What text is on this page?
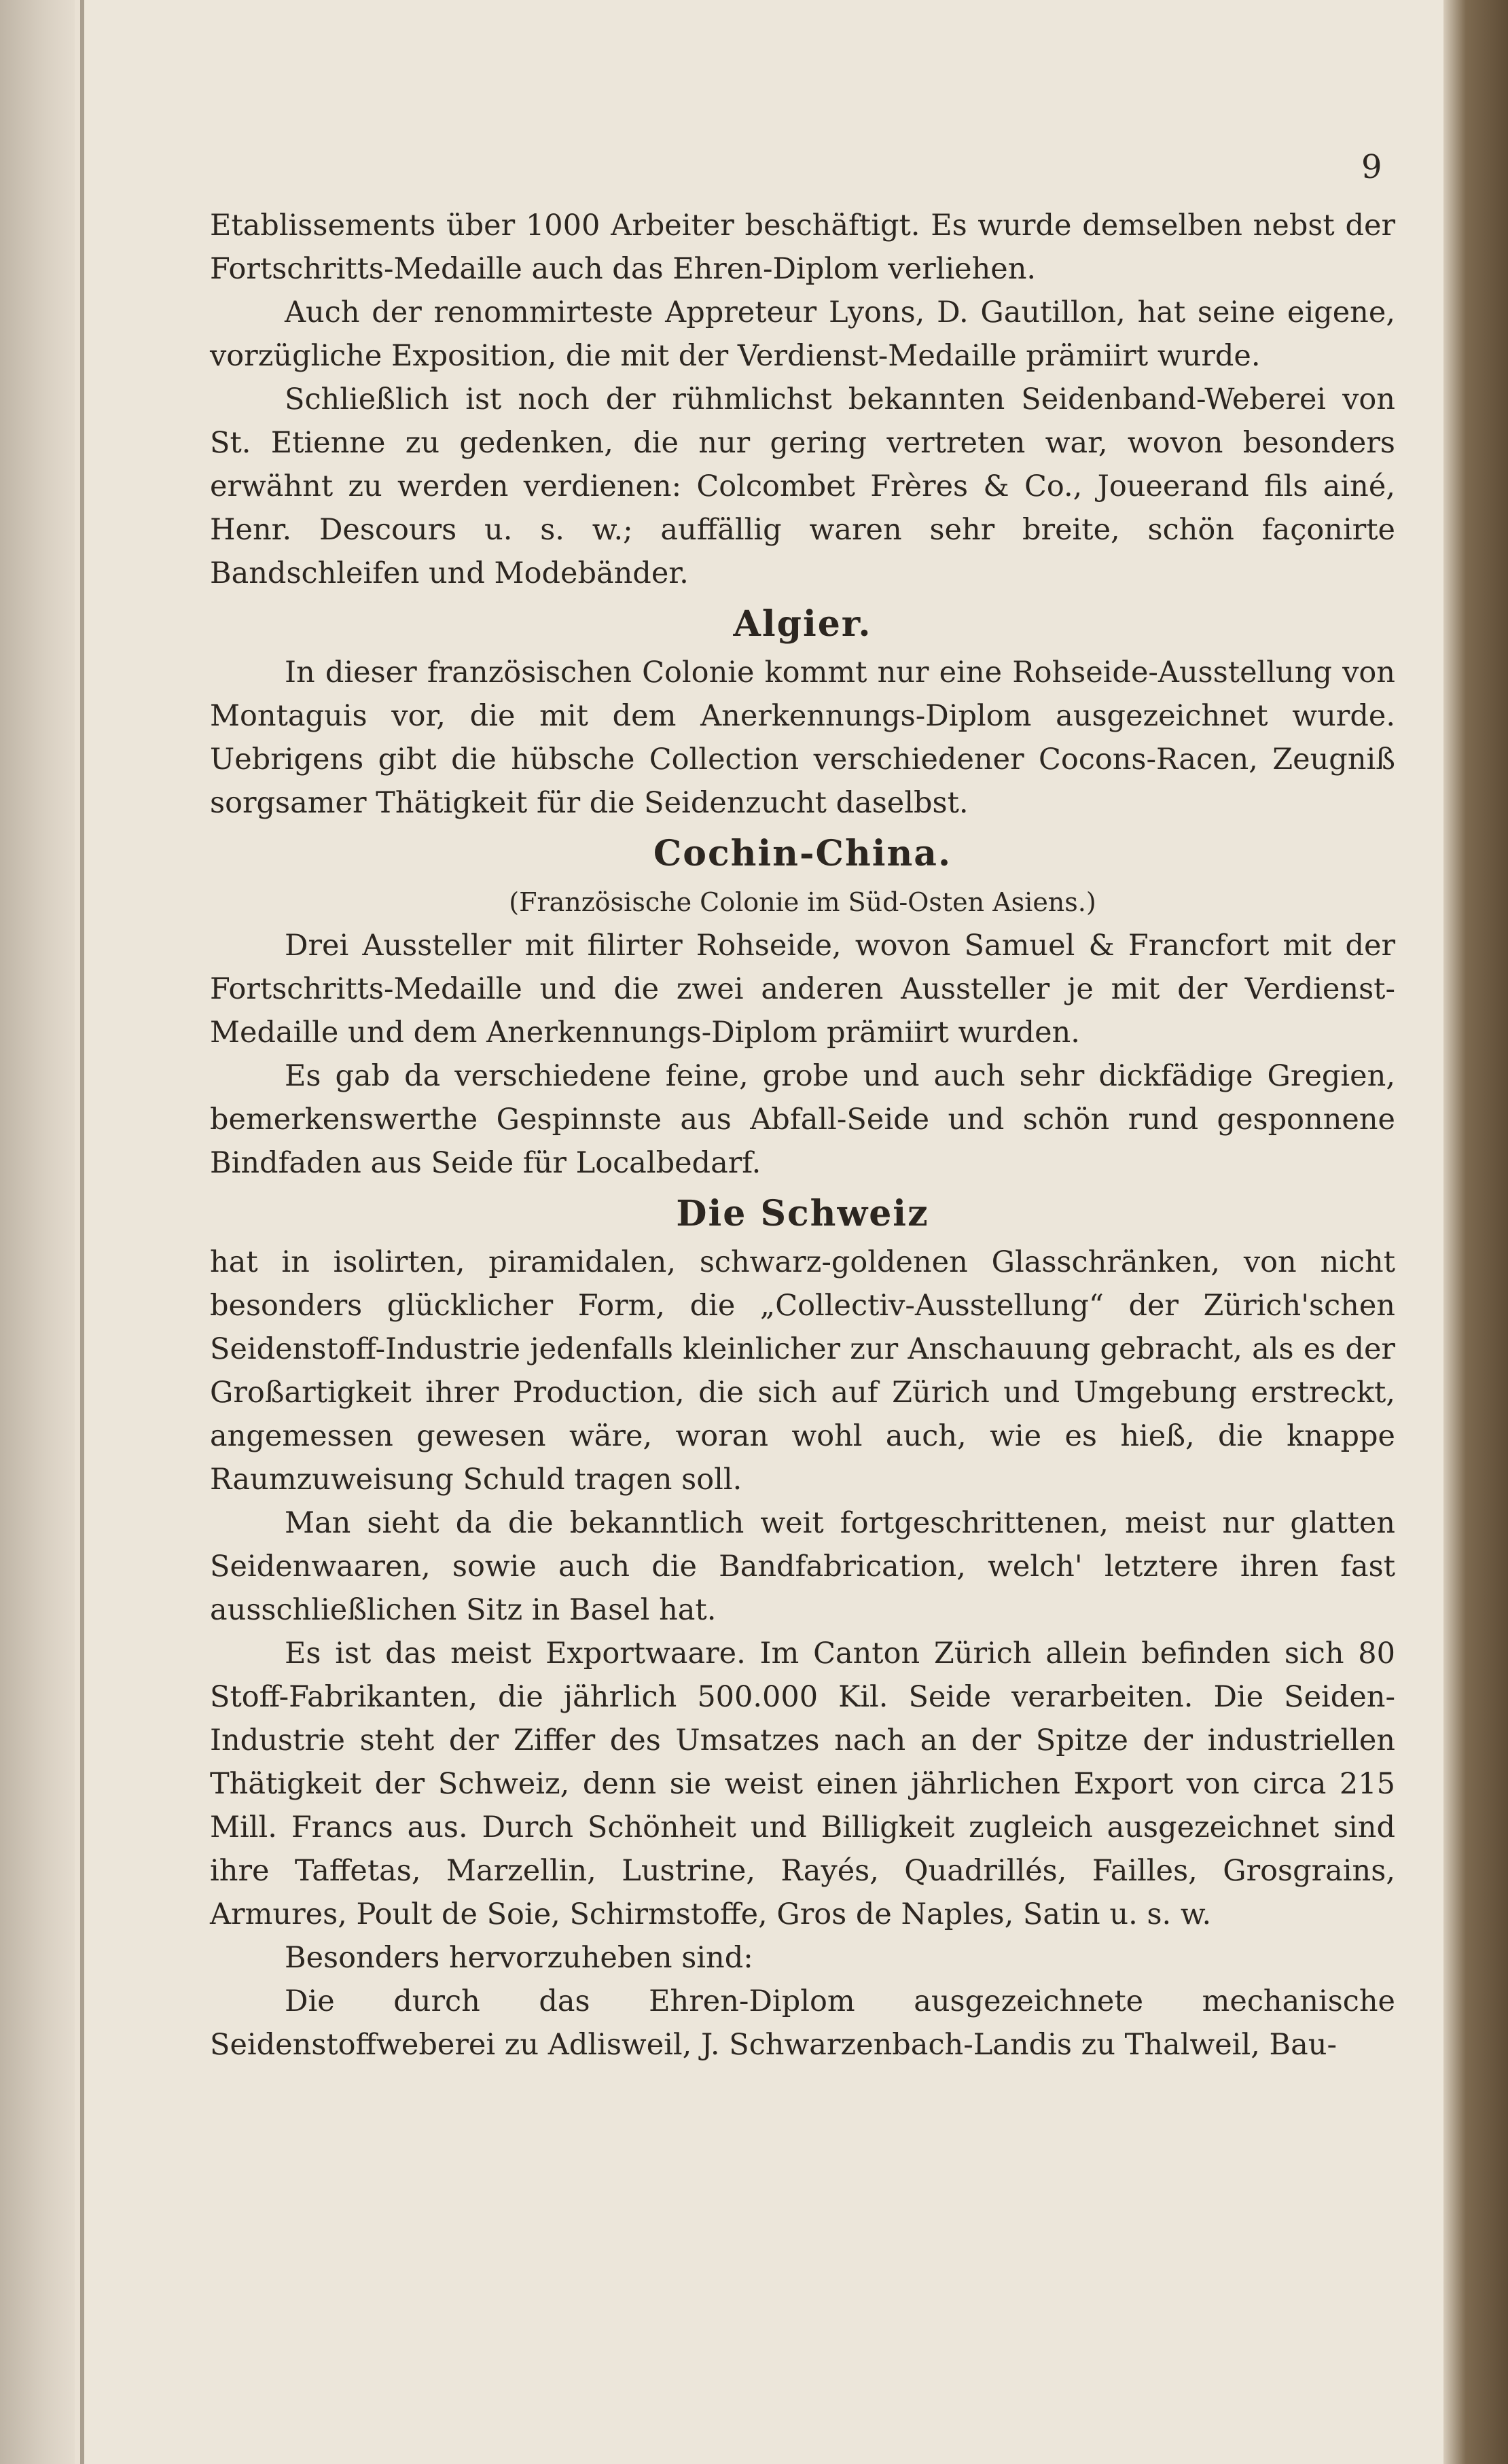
9

Etablissements über 1000 Arbeiter beschäftigt. Es wurde demselben nebst der Fortschritts-Medaille auch das Ehren-Diplom verliehen.

Auch der renommirteste Appreteur Lyons, D. Gautillon, hat seine eigene, vorzügliche Exposition, die mit der Verdienst-Medaille prämiirt wurde.

Schließlich ist noch der rühmlichst bekannten Seidenband-Weberei von St. Etienne zu gedenken, die nur gering vertreten war, wovon besonders erwähnt zu werden verdienen: Colcombet Frères & Co., Joueerand fils ainé, Henr. Descours u. s. w.; auffällig waren sehr breite, schön façonirte Bandschleifen und Modebänder.

Algier.

In dieser französischen Colonie kommt nur eine Rohseide-Ausstellung von Montaguis vor, die mit dem Anerkennungs-Diplom ausgezeichnet wurde. Uebrigens gibt die hübsche Collection verschiedener Cocons-Racen, Zeugniß sorgsamer Thätigkeit für die Seidenzucht daselbst.

Cochin-China.

(Französische Colonie im Süd-Osten Asiens.)

Drei Aussteller mit filirter Rohseide, wovon Samuel & Francfort mit der Fortschritts-Medaille und die zwei anderen Aussteller je mit der Verdienst-Medaille und dem Anerkennungs-Diplom prämiirt wurden.

Es gab da verschiedene feine, grobe und auch sehr dickfädige Gregien, bemerkenswerthe Gespinnste aus Abfall-Seide und schön rund gesponnene Bindfaden aus Seide für Localbedarf.

Die Schweiz

hat in isolirten, piramidalen, schwarz-goldenen Glasschränken, von nicht besonders glücklicher Form, die „Collectiv-Ausstellung“ der Zürich'schen Seidenstoff-Industrie jedenfalls kleinlicher zur Anschauung gebracht, als es der Großartigkeit ihrer Production, die sich auf Zürich und Umgebung erstreckt, angemessen gewesen wäre, woran wohl auch, wie es hieß, die knappe Raumzuweisung Schuld tragen soll.

Man sieht da die bekanntlich weit fortgeschrittenen, meist nur glatten Seidenwaaren, sowie auch die Bandfabrication, welch' letztere ihren fast ausschließlichen Sitz in Basel hat.

Es ist das meist Exportwaare. Im Canton Zürich allein befinden sich 80 Stoff-Fabrikanten, die jährlich 500.000 Kil. Seide verarbeiten. Die Seiden-Industrie steht der Ziffer des Umsatzes nach an der Spitze der industriellen Thätigkeit der Schweiz, denn sie weist einen jährlichen Export von circa 215 Mill. Francs aus. Durch Schönheit und Billigkeit zugleich ausgezeichnet sind ihre Taffetas, Marzellin, Lustrine, Rayés, Quadrillés, Failles, Grosgrains, Armures, Poult de Soie, Schirmstoffe, Gros de Naples, Satin u. s. w.

Besonders hervorzuheben sind:

Die durch das Ehren-Diplom ausgezeichnete mechanische Seidenstoffweberei zu Adlisweil, J. Schwarzenbach-Landis zu Thalweil, Bau-
